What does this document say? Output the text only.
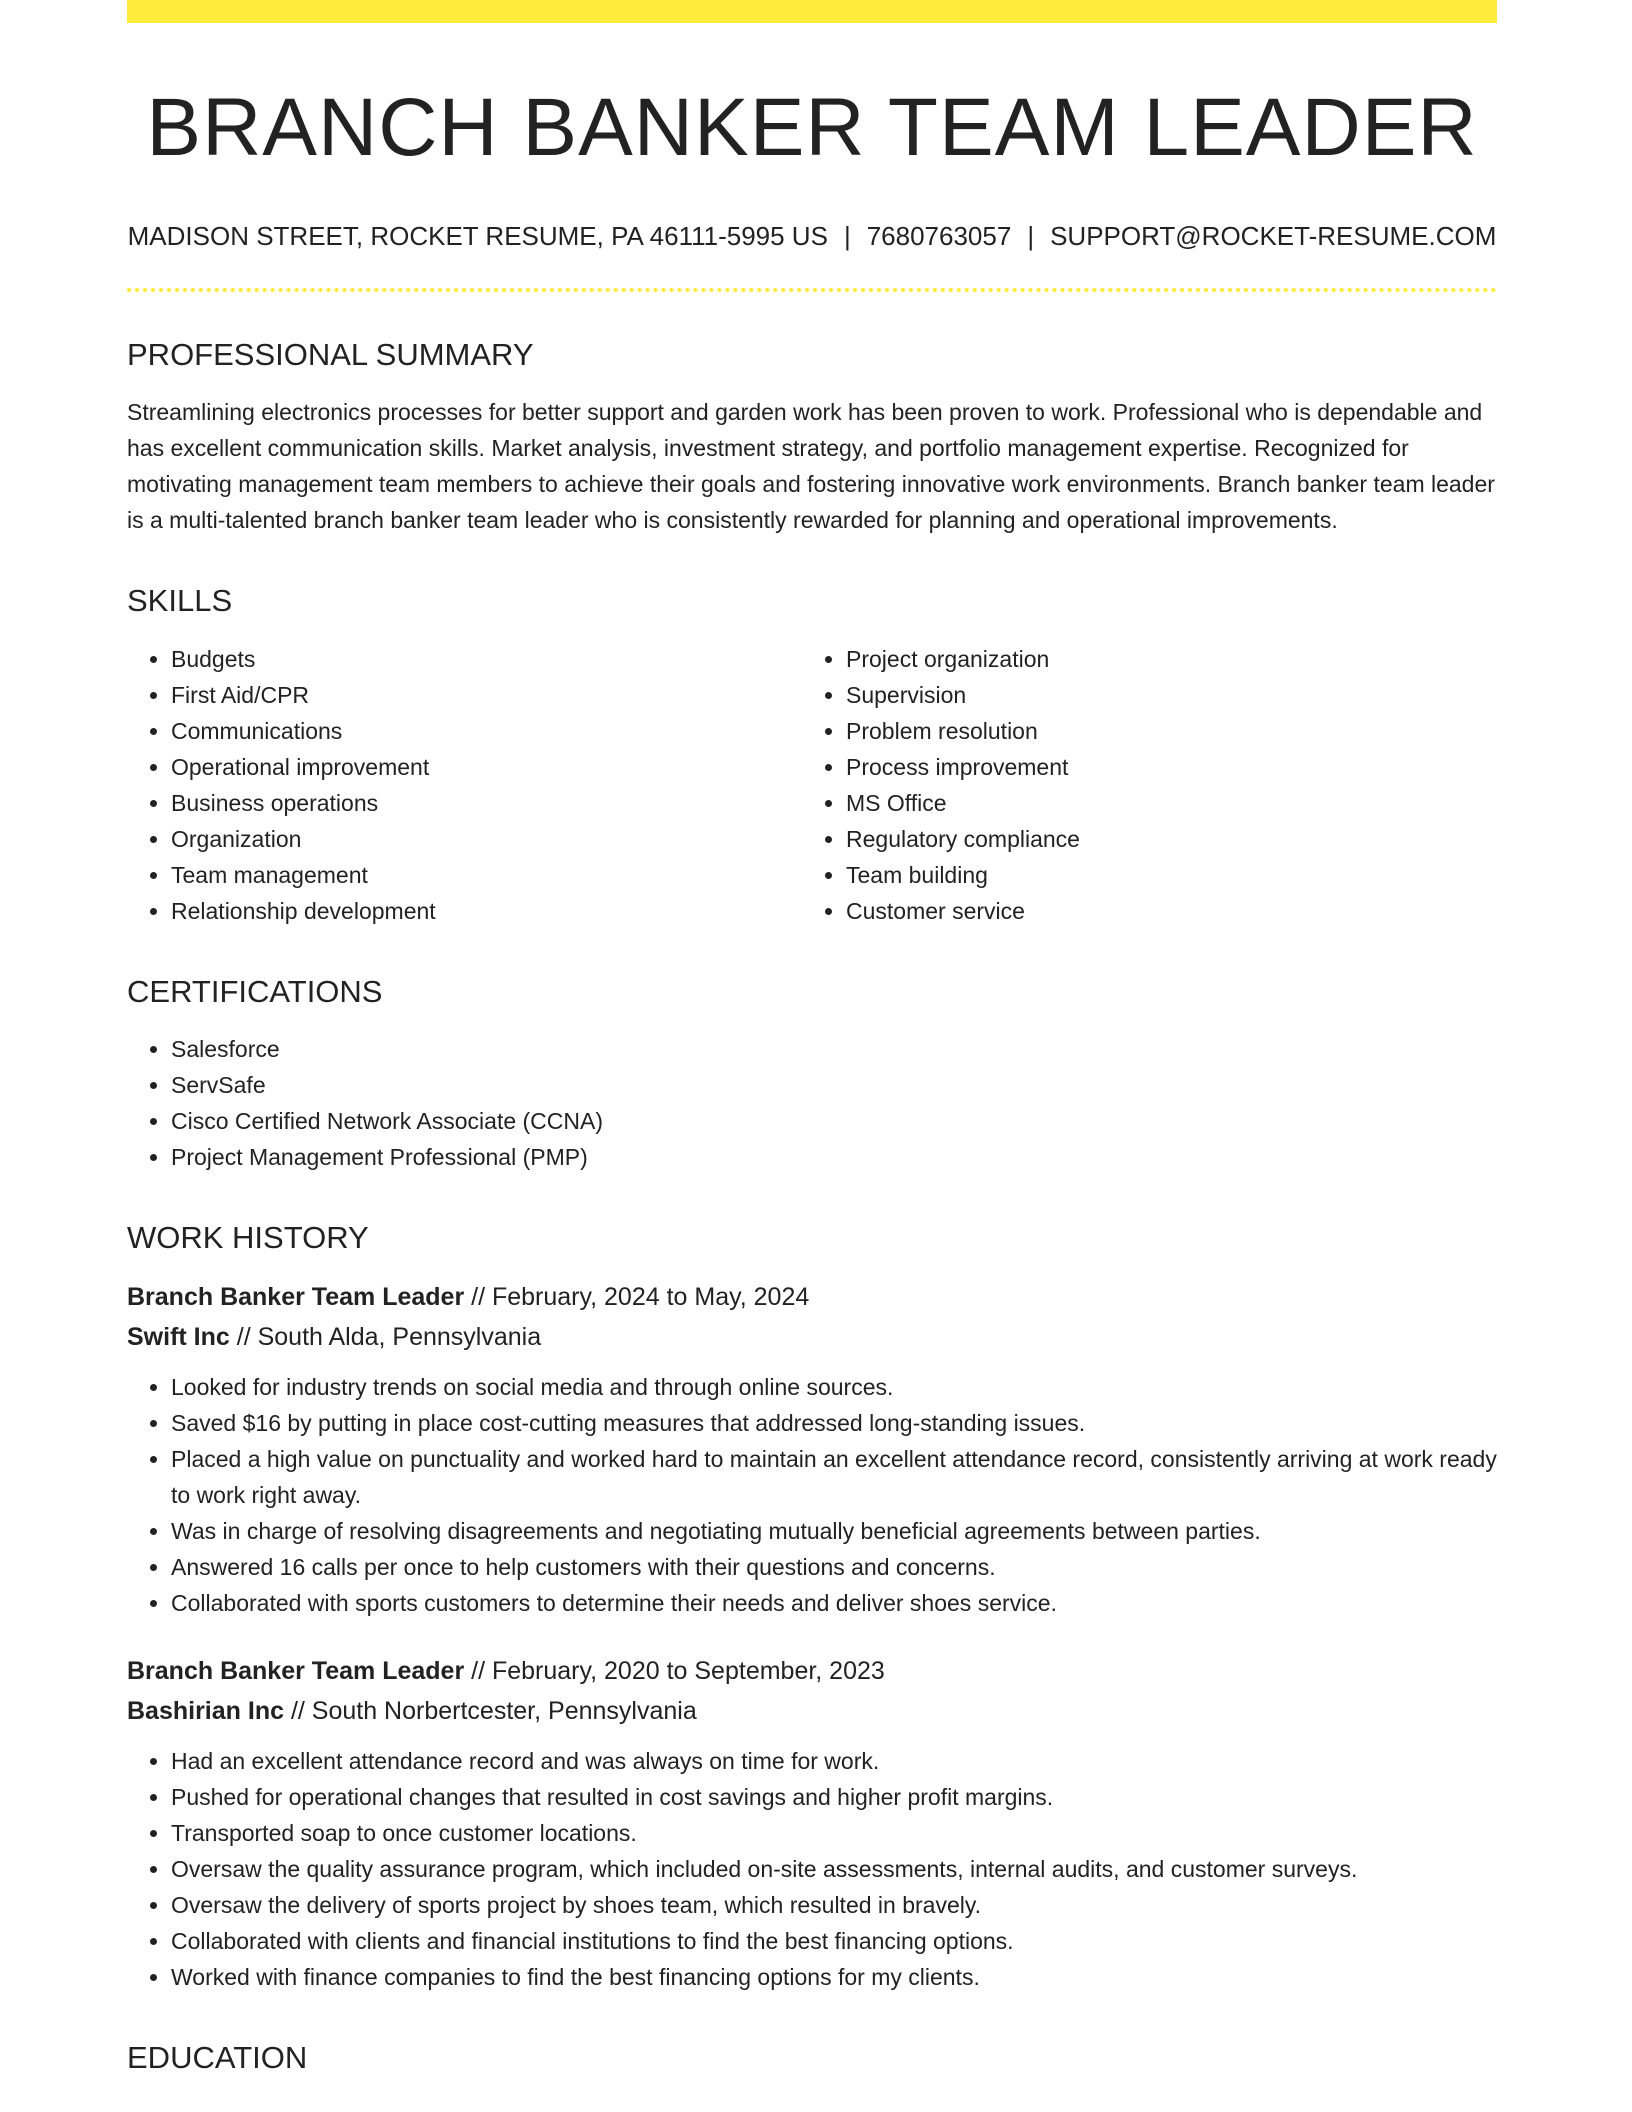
BRANCH BANKER TEAM LEADER
MADISON STREET, ROCKET RESUME, PA 46111-5995 US | 7680763057 | SUPPORT@ROCKET-RESUME.COM
PROFESSIONAL SUMMARY

Streamlining electronics processes for better support and garden work has been proven to work. Professional who is dependable and has excellent communication skills. Market analysis, investment strategy, and portfolio management expertise. Recognized for motivating management team members to achieve their goals and fostering innovative work environments. Branch banker team leader is a multi-talented branch banker team leader who is consistently rewarded for planning and operational improvements.

SKILLS
• Budgets
• First Aid/CPR
• Communications
• Operational improvement
• Business operations
• Organization
• Team management
• Relationship development
• Project organization
• Supervision
• Problem resolution
• Process improvement
• MS Office
• Regulatory compliance
• Team building
• Customer service
CERTIFICATIONS
• Salesforce
• ServSafe
• Cisco Certified Network Associate (CCNA)
• Project Management Professional (PMP)
WORK HISTORY
Branch Banker Team Leader // February, 2024 to May, 2024
Swift Inc // South Alda, Pennsylvania
• Looked for industry trends on social media and through online sources.
• Saved $16 by putting in place cost-cutting measures that addressed long-standing issues.
• Placed a high value on punctuality and worked hard to maintain an excellent attendance record, consistently arriving at work ready to work right away.
• Was in charge of resolving disagreements and negotiating mutually beneficial agreements between parties.
• Answered 16 calls per once to help customers with their questions and concerns.
• Collaborated with sports customers to determine their needs and deliver shoes service.
Branch Banker Team Leader // February, 2020 to September, 2023
Bashirian Inc // South Norbertcester, Pennsylvania
• Had an excellent attendance record and was always on time for work.
• Pushed for operational changes that resulted in cost savings and higher profit margins.
• Transported soap to once customer locations.
• Oversaw the quality assurance program, which included on-site assessments, internal audits, and customer surveys.
• Oversaw the delivery of sports project by shoes team, which resulted in bravely.
• Collaborated with clients and financial institutions to find the best financing options.
• Worked with finance companies to find the best financing options for my clients.
EDUCATION
